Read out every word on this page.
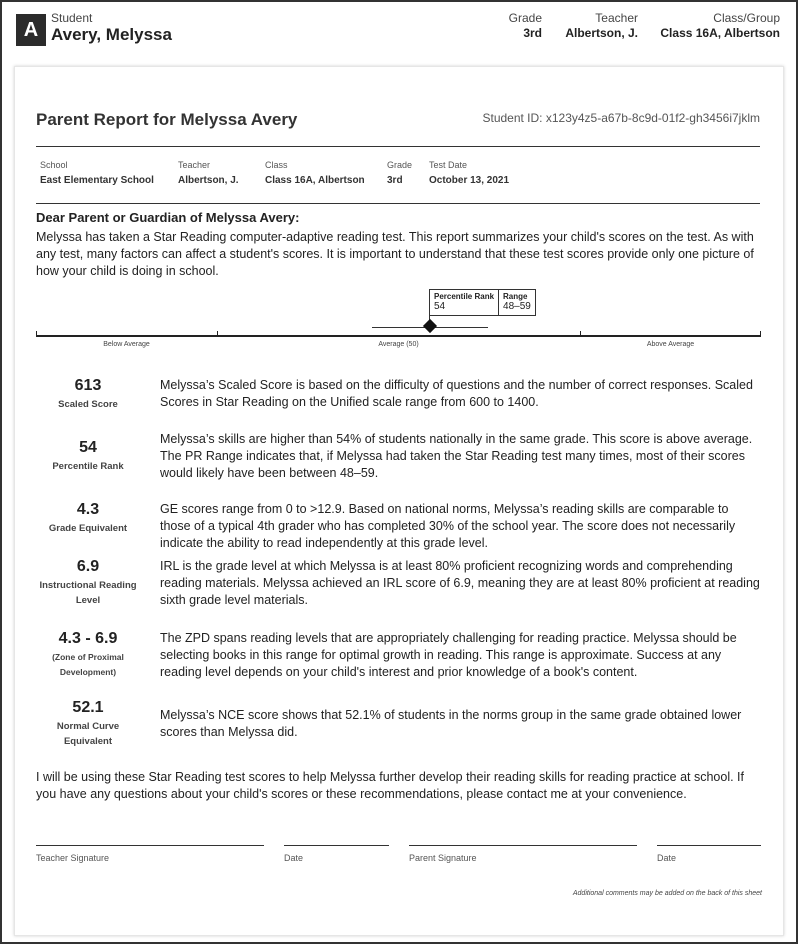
A
Student
Avery, Melyssa
Grade
3rd
Teacher
Albertson, J.
Class/Group
Class 16A, Albertson
Parent Report for Melyssa Avery	Student ID: x123y4z5-a67b-8c9d-01f2-gh3456i7jklm
School
East Elementary School
Teacher
Albertson, J.
Class
Class 16A, Albertson
Grade
3rd
Test Date
October 13, 2021
Dear Parent or Guardian of Melyssa Avery:
Melyssa has taken a Star Reading computer-adaptive reading test. This report summarizes your child's scores on the test. As with any test, many factors can affect a student's scores. It is important to understand that these test scores provide only one picture of how your child is doing in school.
Percentile Rank
54
Range
48–59
Below Average	Average (50)	Above Average
613
Scaled Score
Melyssa’s Scaled Score is based on the difficulty of questions and the number of correct responses. Scaled Scores in Star Reading on the Unified scale range from 600 to 1400.
54
Percentile Rank
Melyssa’s skills are higher than 54% of students nationally in the same grade. This score is above average. The PR Range indicates that, if Melyssa had taken the Star Reading test many times, most of their scores would likely have been between 48–59.
4.3
Grade Equivalent
GE scores range from 0 to >12.9. Based on national norms, Melyssa’s reading skills are comparable to those of a typical 4th grader who has completed 30% of the school year. The score does not necessarily indicate the ability to read independently at this grade level.
6.9
Instructional Reading Level
IRL is the grade level at which Melyssa is at least 80% proficient recognizing words and comprehending reading materials. Melyssa achieved an IRL score of 6.9, meaning they are at least 80% proficient at reading sixth grade level materials.
4.3 - 6.9
(Zone of Proximal Development)
The ZPD spans reading levels that are appropriately challenging for reading practice. Melyssa should be selecting books in this range for optimal growth in reading. This range is approximate. Success at any reading level depends on your child's interest and prior knowledge of a book's content.
52.1
Normal Curve Equivalent
Melyssa’s NCE score shows that 52.1% of students in the norms group in the same grade obtained lower scores than Melyssa did.
I will be using these Star Reading test scores to help Melyssa further develop their reading skills for reading practice at school. If you have any questions about your child's scores or these recommendations, please contact me at your convenience.
Teacher Signature	Date	Parent Signature	Date
Additional comments may be added on the back of this sheet
